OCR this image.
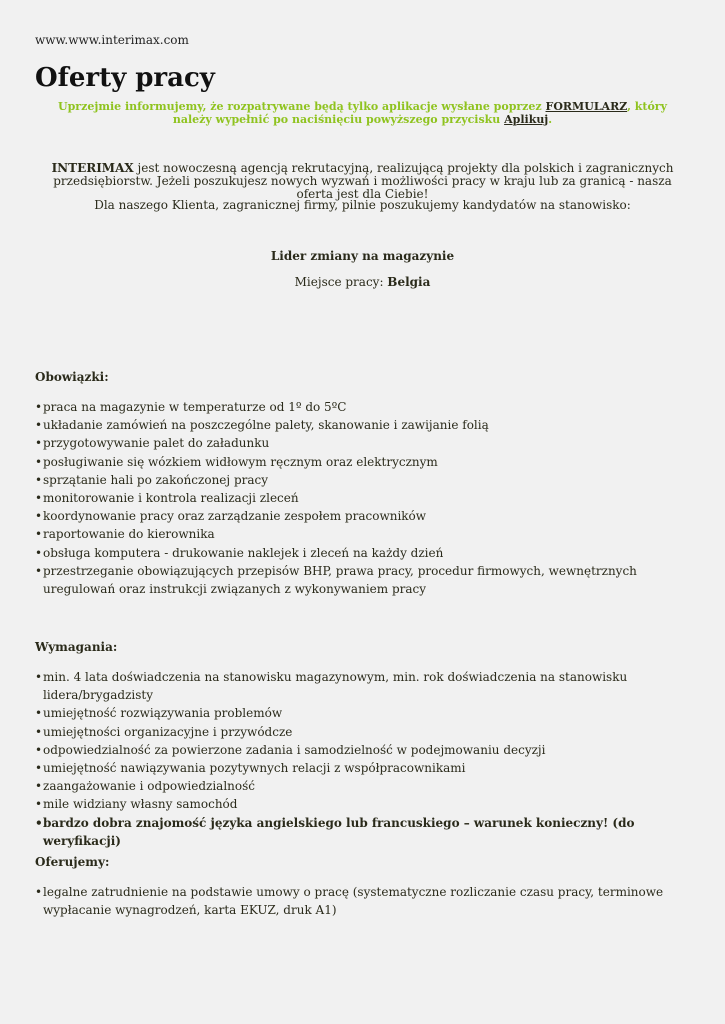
www.www.interimax.com
Oferty pracy
Uprzejmie informujemy, że rozpatrywane będą tylko aplikacje wysłane poprzez FORMULARZ, który należy wypełnić po naciśnięciu powyższego przycisku Aplikuj.
INTERIMAX jest nowoczesną agencją rekrutacyjną, realizującą projekty dla polskich i zagranicznych przedsiębiorstw. Jeżeli poszukujesz nowych wyzwań i możliwości pracy w kraju lub za granicą - nasza oferta jest dla Ciebie!
Dla naszego Klienta, zagranicznej firmy, pilnie poszukujemy kandydatów na stanowisko:
Lider zmiany na magazynie
Miejsce pracy: Belgia

Obowiązki:

• praca na magazynie w temperaturze od 1º do 5ºC
• układanie zamówień na poszczególne palety, skanowanie i zawijanie folią
• przygotowywanie palet do załadunku
• posługiwanie się wózkiem widłowym ręcznym oraz elektrycznym
• sprzątanie hali po zakończonej pracy
• monitorowanie i kontrola realizacji zleceń
• koordynowanie pracy oraz zarządzanie zespołem pracowników
• raportowanie do kierownika
• obsługa komputera - drukowanie naklejek i zleceń na każdy dzień
• przestrzeganie obowiązujących przepisów BHP, prawa pracy, procedur firmowych, wewnętrznych uregulowań oraz instrukcji związanych z wykonywaniem pracy

Wymagania:

• min. 4 lata doświadczenia na stanowisku magazynowym, min. rok doświadczenia na stanowisku lidera/brygadzisty
• umiejętność rozwiązywania problemów
• umiejętności organizacyjne i przywódcze
• odpowiedzialność za powierzone zadania i samodzielność w podejmowaniu decyzji
• umiejętność nawiązywania pozytywnych relacji z współpracownikami
• zaangażowanie i odpowiedzialność
• mile widziany własny samochód
• bardzo dobra znajomość języka angielskiego lub francuskiego – warunek konieczny! (do weryfikacji)

Oferujemy:

• legalne zatrudnienie na podstawie umowy o pracę (systematyczne rozliczanie czasu pracy, terminowe wypłacanie wynagrodzeń, karta EKUZ, druk A1)
